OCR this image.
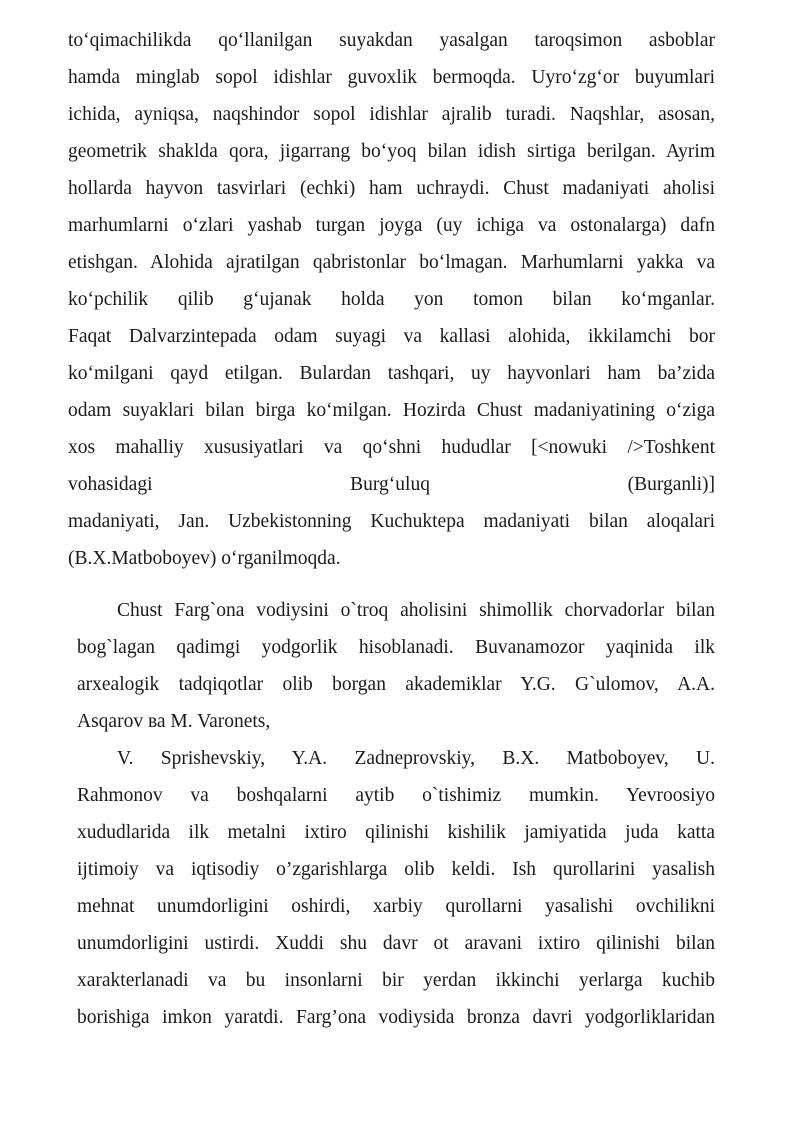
to‘qimachilikda qo‘llanilgan suyakdan yasalgan taroqsimon asboblar
hamda minglab sopol idishlar guvoxlik bermoqda. Uyro‘zg‘or buyumlari
ichida, ayniqsa, naqshindor sopol idishlar ajralib turadi. Naqshlar, asosan,
geometrik shaklda qora, jigarrang bo‘yoq bilan idish sirtiga berilgan. Ayrim
hollarda hayvon tasvirlari (echki) ham uchraydi. Chust madaniyati aholisi
marhumlarni o‘zlari yashab turgan joyga (uy ichiga va ostonalarga) dafn
etishgan. Alohida ajratilgan qabristonlar bo‘lmagan. Marhumlarni yakka va
ko‘pchilik qilib g‘ujanak holda yon tomon bilan ko‘mganlar.
Faqat Dalvarzintepada odam suyagi va kallasi alohida, ikkilamchi bor
ko‘milgani qayd etilgan. Bulardan tashqari, uy hayvonlari ham ba’zida
odam suyaklari bilan birga ko‘milgan. Hozirda Chust madaniyatining o‘ziga
xos mahalliy xususiyatlari va qo‘shni hududlar [<nowuki />Toshkent
vohasidagi Burg‘uluq (Burganli)]
madaniyati, Jan. Uzbekistonning Kuchuktepa madaniyati bilan aloqalari
(B.X.Matboboyev) o‘rganilmoqda.
Chust Farg`ona vodiysini o`troq aholisini shimollik chorvadorlar bilan
bog`lagan qadimgi yodgorlik hisoblanadi. Buvanamozor yaqinida ilk
arxealogik tadqiqotlar olib borgan akademiklar Y.G. G`ulomov, A.A.
Asqarov ва M. Varonets,
V. Sprishevskiy, Y.A. Zadneprovskiy, B.X. Matboboyev, U.
Rahmonov va boshqalarni aytib o`tishimiz mumkin. Yevroosiyo
xududlarida ilk metalni ixtiro qilinishi kishilik jamiyatida juda katta
ijtimoiy va iqtisodiy o’zgarishlarga olib keldi. Ish qurollarini yasalish
mehnat unumdorligini oshirdi, xarbiy qurollarni yasalishi ovchilikni
unumdorligini ustirdi. Xuddi shu davr ot aravani ixtiro qilinishi bilan
xarakterlanadi va bu insonlarni bir yerdan ikkinchi yerlarga kuchib
borishiga imkon yaratdi. Farg’ona vodiysida bronza davri yodgorliklaridan
